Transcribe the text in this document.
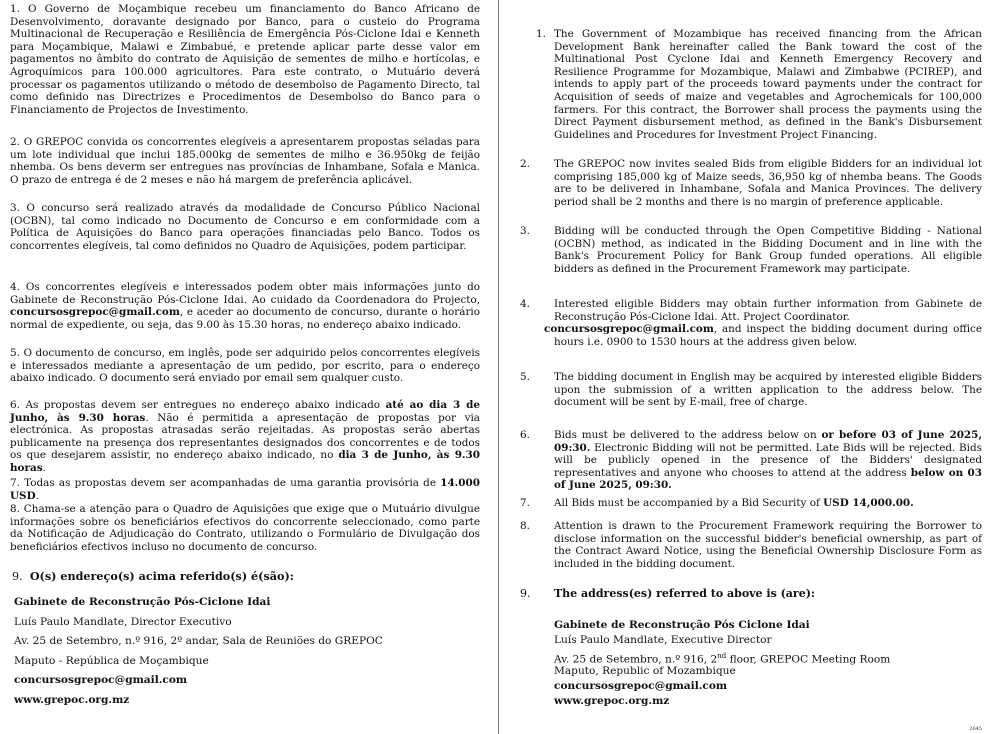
1. O Governo de Moçambique recebeu um financiamento do Banco Africano de Desenvolvimento, doravante designado por Banco, para o custeio do Programa Multinacional de Recuperação e Resiliência de Emergência Pós-Ciclone Idai e Kenneth para Moçambique, Malawi e Zimbabué, e pretende aplicar parte desse valor em pagamentos no âmbito do contrato de Aquisição de sementes de milho e hortícolas, e Agroquímicos para 100.000 agricultores. Para este contrato, o Mutuário deverá processar os pagamentos utilizando o método de desembolso de Pagamento Directo, tal como definido nas Directrizes e Procedimentos de Desembolso do Banco para o Financiamento de Projectos de Investimento.
2. O GREPOC convida os concorrentes elegíveis a apresentarem propostas seladas para um lote individual que inclui 185.000kg de sementes de milho e 36.950kg de feijão nhemba. Os bens deverm ser entregues nas províncias de Inhambane, Sofala e Manica. O prazo de entrega é de 2 meses e não há margem de preferência aplicável.
3. O concurso será realizado através da modalidade de Concurso Público Nacional (OCBN), tal como indicado no Documento de Concurso e em conformidade com a Política de Aquisições do Banco para operações financiadas pelo Banco. Todos os concorrentes elegíveis, tal como definidos no Quadro de Aquisições, podem participar.
4. Os concorrentes elegíveis e interessados podem obter mais informações junto do Gabinete de Reconstrução Pós-Ciclone Idai. Ao cuidado da Coordenadora do Projecto, concursosgrepoc@gmail.com, e aceder ao documento de concurso, durante o horário normal de expediente, ou seja, das 9.00 às 15.30 horas, no endereço abaixo indicado.
5. O documento de concurso, em inglês, pode ser adquirido pelos concorrentes elegíveis e interessados mediante a apresentação de um pedido, por escrito, para o endereço abaixo indicado. O documento será enviado por email sem qualquer custo.
6. As propostas devem ser entregues no endereço abaixo indicado até ao dia 3 de Junho, às 9.30 horas. Não é permitida a apresentação de propostas por via electrónica. As propostas atrasadas serão rejeitadas. As propostas serão abertas publicamente na presença dos representantes designados dos concorrentes e de todos os que desejarem assistir, no endereço abaixo indicado, no dia 3 de Junho, às 9.30 horas.
7. Todas as propostas devem ser acompanhadas de uma garantia provisória de 14.000 USD.
8. Chama-se a atenção para o Quadro de Aquisições que exige que o Mutuário divulgue informações sobre os beneficiários efectivos do concorrente seleccionado, como parte da Notificação de Adjudicação do Contrato, utilizando o Formulário de Divulgação dos beneficiários efectivos incluso no documento de concurso.
9. O(s) endereço(s) acima referido(s) é(são):
Gabinete de Reconstrução Pós-Ciclone Idai
Luís Paulo Mandlate, Director Executivo
Av. 25 de Setembro, n.º 916, 2º andar, Sala de Reuniões do GREPOC
Maputo - República de Moçambique
concursosgrepoc@gmail.com
www.grepoc.org.mz
1. The Government of Mozambique has received financing from the African Development Bank hereinafter called the Bank toward the cost of the Multinational Post Cyclone Idai and Kenneth Emergency Recovery and Resilience Programme for Mozambique, Malawi and Zimbabwe (PCIREP), and intends to apply part of the proceeds toward payments under the contract for Acquisition of seeds of maize and vegetables and Agrochemicals for 100,000 farmers. For this contract, the Borrower shall process the payments using the Direct Payment disbursement method, as defined in the Bank's Disbursement Guidelines and Procedures for Investment Project Financing.
2.	The GREPOC now invites sealed Bids from eligible Bidders for an individual lot comprising 185,000 kg of Maize seeds, 36,950 kg of nhemba beans. The Goods are to be delivered in Inhambane, Sofala and Manica Provinces. The delivery period shall be 2 months and there is no margin of preference applicable.
3.	Bidding will be conducted through the Open Competitive Bidding - National (OCBN) method, as indicated in the Bidding Document and in line with the Bank's Procurement Policy for Bank Group funded operations. All eligible bidders as defined in the Procurement Framework may participate.
4.	Interested eligible Bidders may obtain further information from Gabinete de Reconstrução Pós-Ciclone Idai. Att. Project Coordinator.
concursosgrepoc@gmail.com, and inspect the bidding document during office hours i.e. 0900 to 1530 hours at the address given below.
5.	The bidding document in English may be acquired by interested eligible Bidders upon the submission of a written application to the address below. The document will be sent by E-mail, free of charge.
6.	Bids must be delivered to the address below on or before 03 of June 2025, 09:30. Electronic Bidding will not be permitted. Late Bids will be rejected. Bids will be publicly opened in the presence of the Bidders' designated representatives and anyone who chooses to attend at the address below on 03 of June 2025, 09:30.
7.	All Bids must be accompanied by a Bid Security of USD 14,000.00.
8.	Attention is drawn to the Procurement Framework requiring the Borrower to disclose information on the successful bidder's beneficial ownership, as part of the Contract Award Notice, using the Beneficial Ownership Disclosure Form as included in the bidding document.
9.	The address(es) referred to above is (are):
Gabinete de Reconstrução Pós Ciclone Idai
Luís Paulo Mandlate, Executive Director
Av. 25 de Setembro, n.º 916, 2nd floor, GREPOC Meeting Room
Maputo, Republic of Mozambique
concursosgrepoc@gmail.com
www.grepoc.org.mz
2645
